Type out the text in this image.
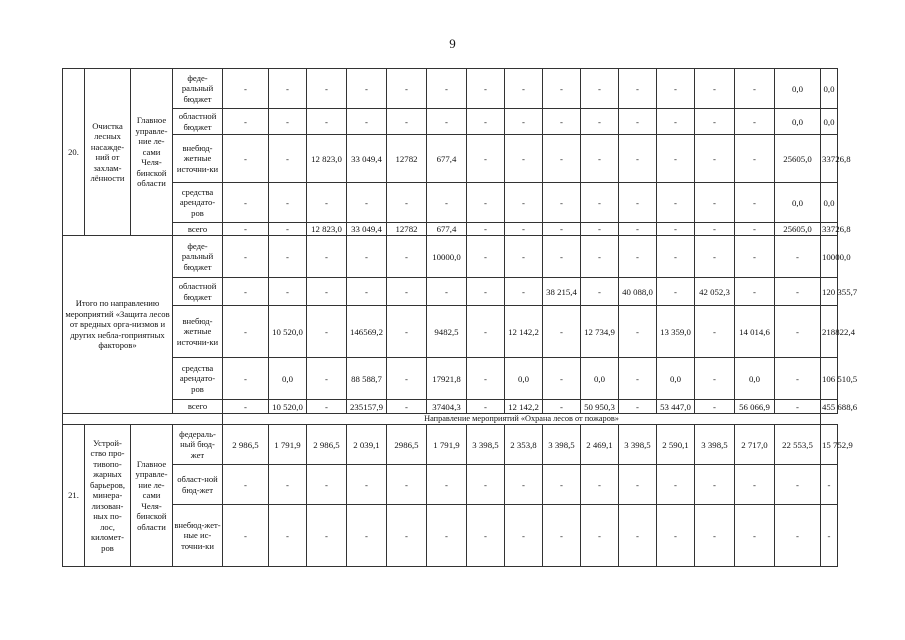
9
20.	Очистка лесных насажде-ний от захлам-лённости	Главное управле-ние ле-сами Челя-бинской области	феде-ральный бюджет	-	-	-	-	-	-	-	-	-	-	-	-	-	-	0,0	0,0
			областной бюджет	-	-	-	-	-	-	-	-	-	-	-	-	-	-	0,0	0,0
			внебюд-жетные источни-ки	-	-	12 823,0	33 049,4	12782	677,4	-	-	-	-	-	-	-	-	25605,0	33726,8
			средства арендато-ров	-	-	-	-	-	-	-	-	-	-	-	-	-	-	0,0	0,0
			всего	-	-	12 823,0	33 049,4	12782	677,4	-	-	-	-	-	-	-	-	25605,0	33726,8
Итого по направлению мероприятий «Защита лесов от вредных орга-низмов и других небла-гоприятных факторов»			феде-ральный бюджет	-	-	-	-	-	10000,0	-	-	-	-	-	-	-	-	-	10000,0
			областной бюджет	-	-	-	-	-	-	-	-	38 215,4	-	40 088,0	-	42 052,3	-	-	120 355,7
			внебюд-жетные источни-ки	-	10 520,0	-	146569,2	-	9482,5	-	12 142,2	-	12 734,9	-	13 359,0	-	14 014,6	-	218822,4
			средства арендато-ров	-	0,0	-	88 588,7	-	17921,8	-	0,0	-	0,0	-	0,0	-	0,0	-	106 510,5
			всего	-	10 520,0	-	235157,9	-	37404,3	-	12 142,2	-	50 950,3	-	53 447,0	-	56 066,9	-	455 688,6
				Направление мероприятий «Охрана лесов от пожаров»															
21.	Устрой-ство про-тивопо-жарных барьеров, минера-лизован-ных по-лос, километ-ров	Главное управле-ние ле-сами Челя-бинской области	федераль-ный бюд-жет	2 986,5	1 791,9	2 986,5	2 039,1	2986,5	1 791,9	3 398,5	2 353,8	3 398,5	2 469,1	3 398,5	2 590,1	3 398,5	2 717,0	22 553,5	15 752,9
			област-ной бюд-жет	-	-	-	-	-	-	-	-	-	-	-	-	-	-	-	-
			внебюд-жет-ные ис-точни-ки	-	-	-	-	-	-	-	-	-	-	-	-	-	-	-	-
